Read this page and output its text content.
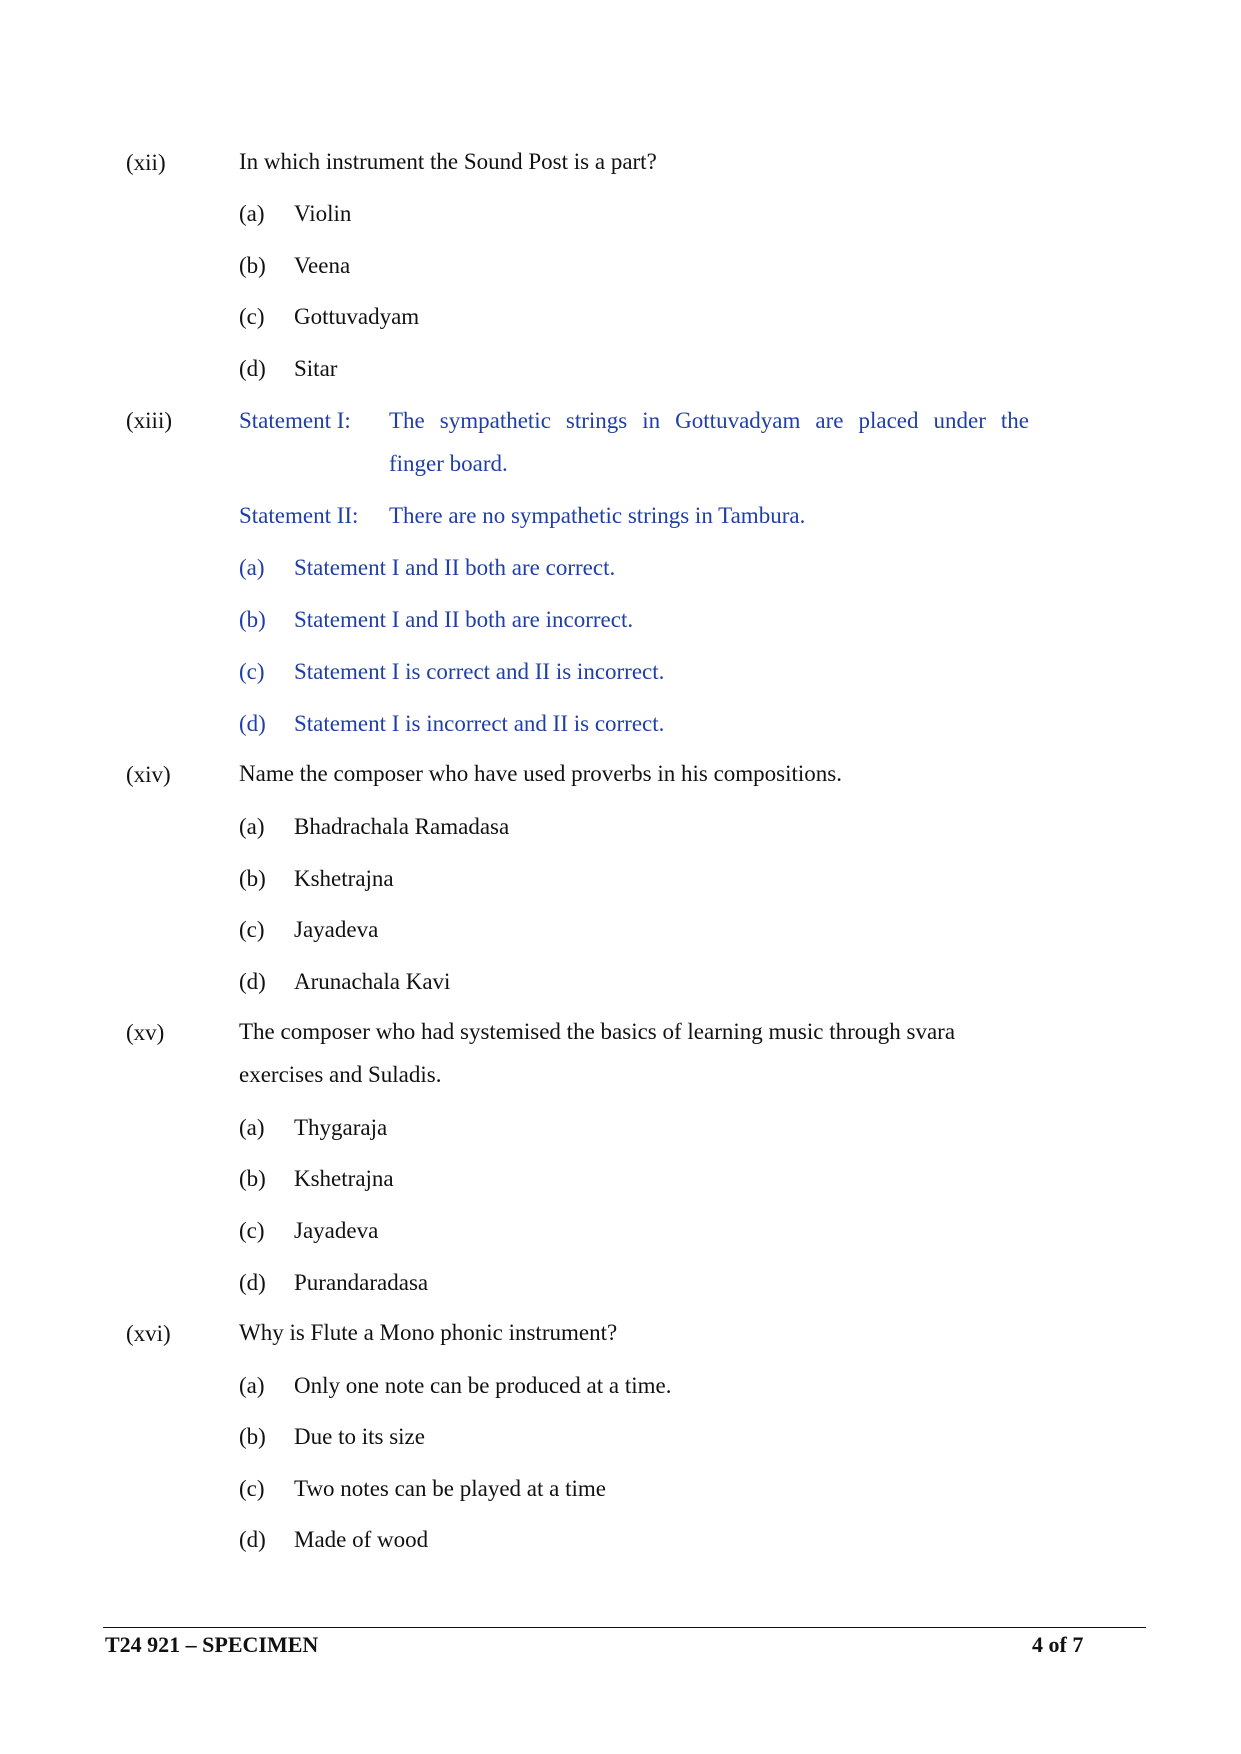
(xii)	In which instrument the Sound Post is a part?
(a) Violin
(b) Veena
(c) Gottuvadyam
(d) Sitar
(xiii)	Statement I: The sympathetic strings in Gottuvadyam are placed under the
finger board.
Statement II: There are no sympathetic strings in Tambura.
(a) Statement I and II both are correct.
(b) Statement I and II both are incorrect.
(c) Statement I is correct and II is incorrect.
(d) Statement I is incorrect and II is correct.
(xiv)	Name the composer who have used proverbs in his compositions.
(a) Bhadrachala Ramadasa
(b) Kshetrajna
(c) Jayadeva
(d) Arunachala Kavi
(xv)	The composer who had systemised the basics of learning music through svara
exercises and Suladis.
(a) Thygaraja
(b) Kshetrajna
(c) Jayadeva
(d) Purandaradasa
(xvi)	Why is Flute a Mono phonic instrument?
(a) Only one note can be produced at a time.
(b) Due to its size
(c) Two notes can be played at a time
(d) Made of wood
T24 921 – SPECIMEN	4 of 7
